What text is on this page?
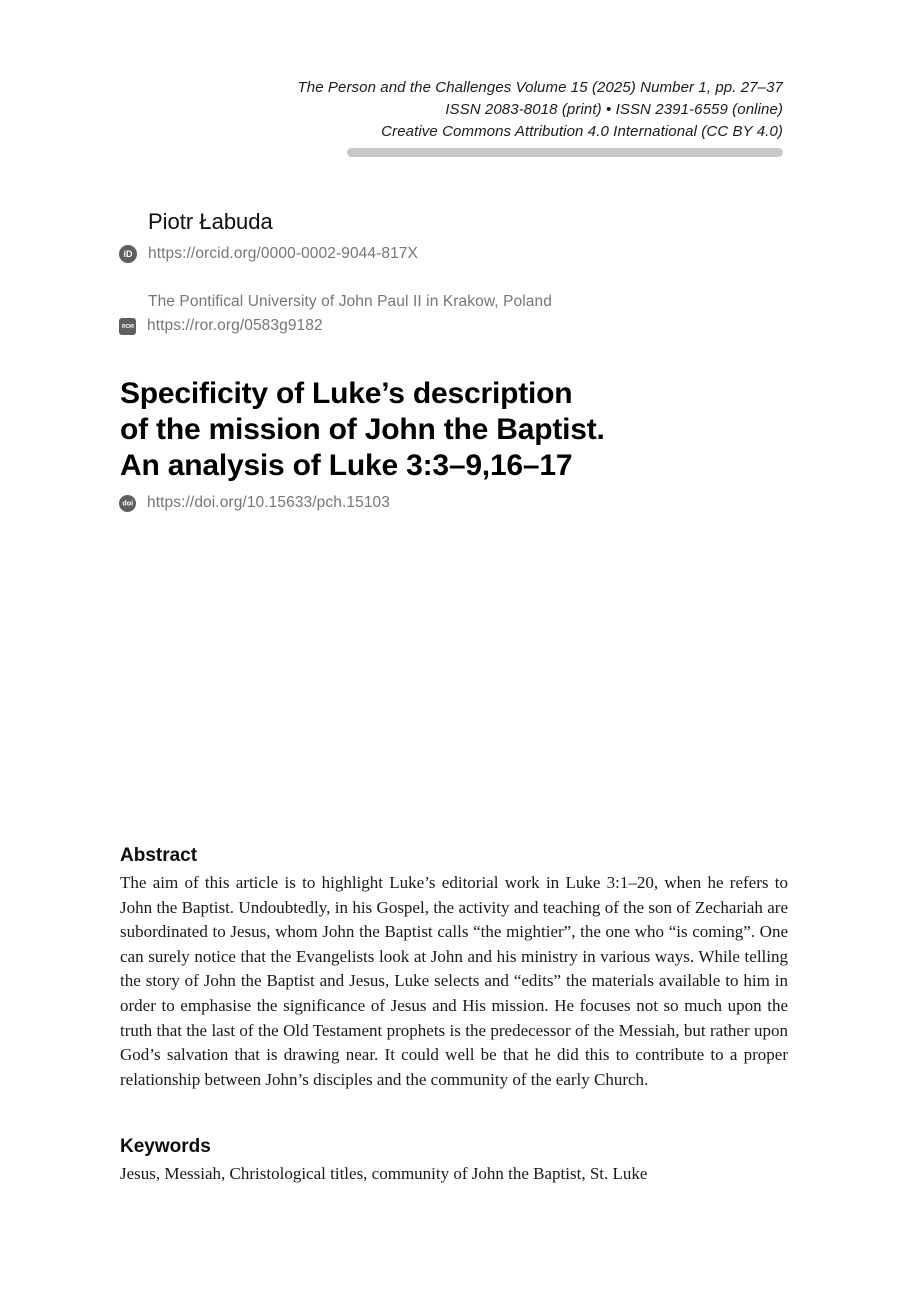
The Person and the Challenges Volume 15 (2025) Number 1, pp. 27–37
ISSN 2083-8018 (print) • ISSN 2391-6559 (online)
Creative Commons Attribution 4.0 International (CC BY 4.0)
Piotr Łabuda
iD https://orcid.org/0000-0002-9044-817X
The Pontifical University of John Paul II in Krakow, Poland
ROR https://ror.org/0583g9182
Specificity of Luke’s description
of the mission of John the Baptist.
An analysis of Luke 3:3–9,16–17
doi https://doi.org/10.15633/pch.15103
Abstract

The aim of this article is to highlight Luke’s editorial work in Luke 3:1–20, when he refers to John the Baptist. Undoubtedly, in his Gospel, the activity and teaching of the son of Zechariah are subordinated to Jesus, whom John the Baptist calls “the mightier”, the one who “is coming”. One can surely notice that the Evangelists look at John and his ministry in various ways. While telling the story of John the Baptist and Jesus, Luke selects and “edits” the materials available to him in order to emphasise the significance of Jesus and His mission. He focuses not so much upon the truth that the last of the Old Testament prophets is the predecessor of the Messiah, but rather upon God’s salvation that is drawing near. It could well be that he did this to contribute to a proper relationship between John’s disciples and the community of the early Church.

Keywords

Jesus, Messiah, Christological titles, community of John the Baptist, St. Luke
